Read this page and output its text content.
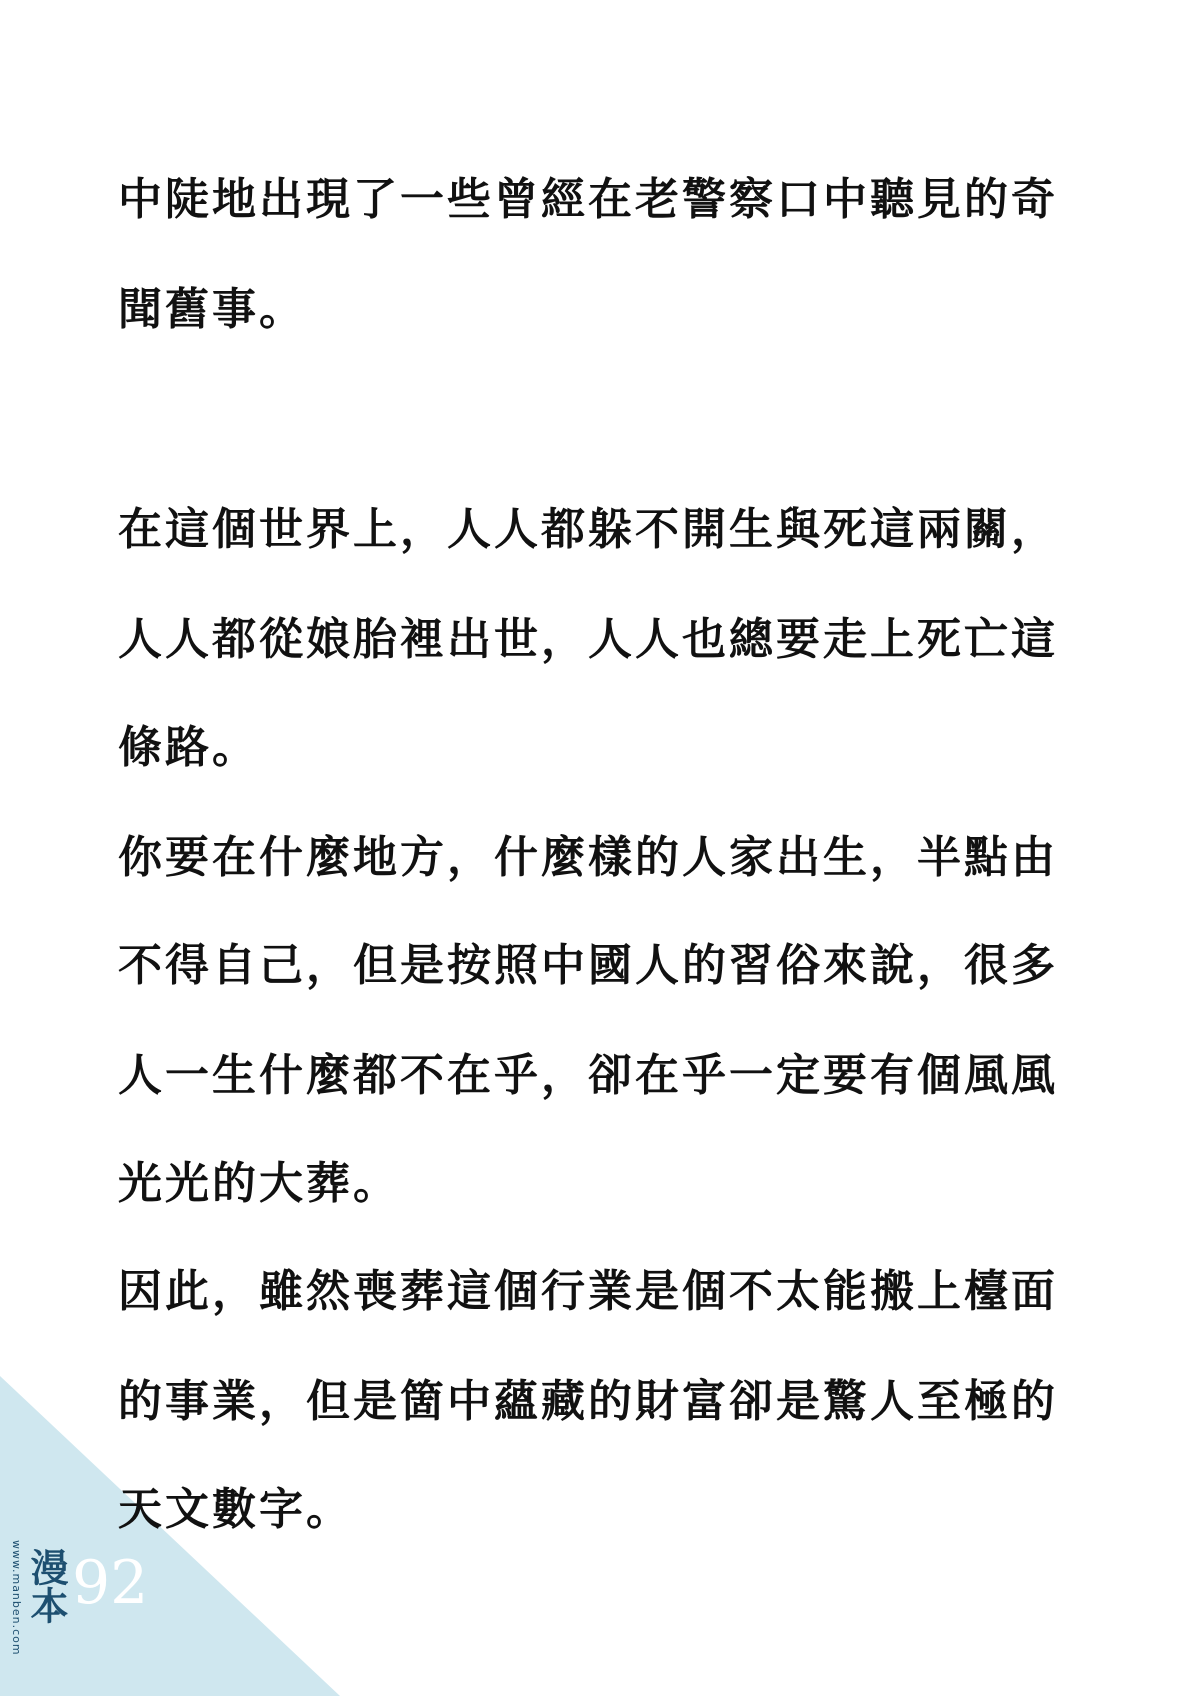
中陡地出現了一些曾經在老警察口中聽見的奇
聞舊事。
在這個世界上，人人都躲不開生與死這兩關，
人人都從娘胎裡出世，人人也總要走上死亡這
條路。
你要在什麼地方，什麼樣的人家出生，半點由
不得自己，但是按照中國人的習俗來說，很多
人一生什麼都不在乎，卻在乎一定要有個風風
光光的大葬。
因此，雖然喪葬這個行業是個不太能搬上檯面
的事業，但是箇中蘊藏的財富卻是驚人至極的
天文數字。
92
www.manben.com 漫本
